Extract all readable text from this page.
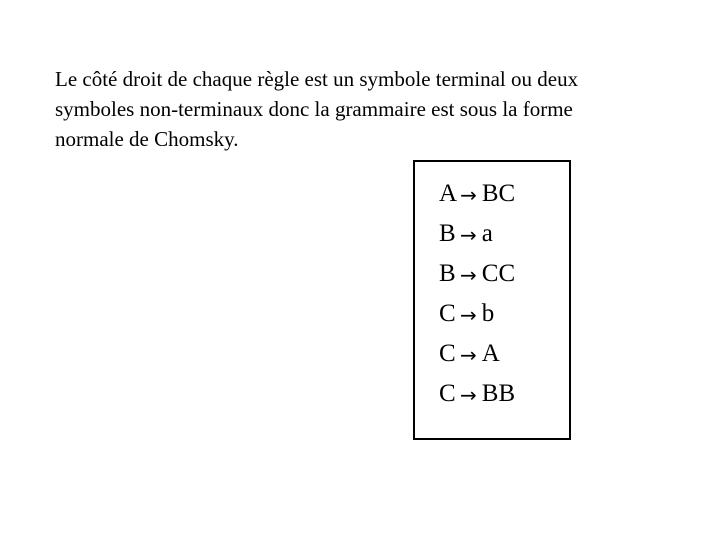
Le côté droit de chaque règle est un symbole terminal ou deux
symboles non-terminaux donc la grammaire est sous la forme
normale de Chomsky.

A → BC
B → a
B → CC
C → b
C → A
C → BB
